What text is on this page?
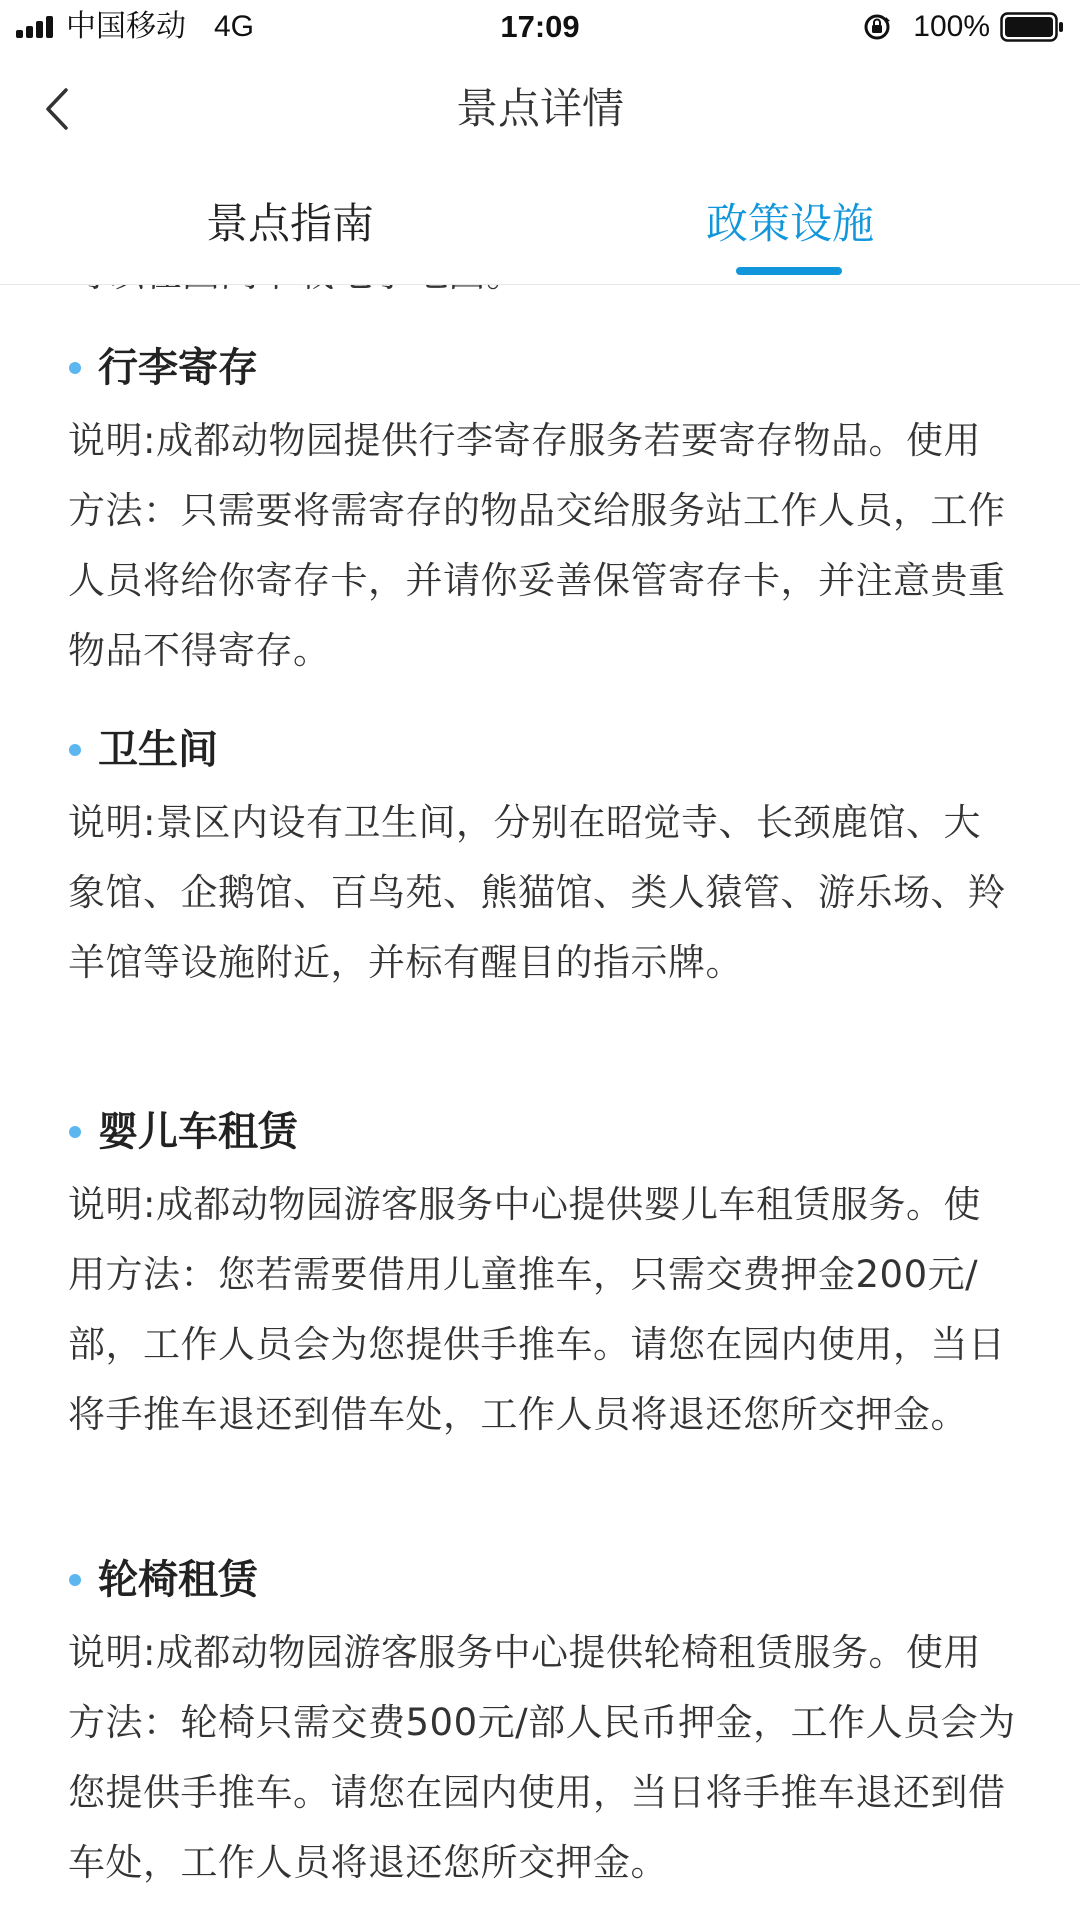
中国移动 4G	17:09	100%
景点详情
景点指南	政策设施
行李寄存
说明:成都动物园提供行李寄存服务若要寄存物品。使用方法：只需要将需寄存的物品交给服务站工作人员，工作人员将给你寄存卡，并请你妥善保管寄存卡，并注意贵重物品不得寄存。
卫生间
说明:景区内设有卫生间，分别在昭觉寺、长颈鹿馆、大象馆、企鹅馆、百鸟苑、熊猫馆、类人猿管、游乐场、羚羊馆等设施附近，并标有醒目的指示牌。
婴儿车租赁
说明:成都动物园游客服务中心提供婴儿车租赁服务。使用方法：您若需要借用儿童推车，只需交费押金200元/部，工作人员会为您提供手推车。请您在园内使用，当日将手推车退还到借车处，工作人员将退还您所交押金。
轮椅租赁
说明:成都动物园游客服务中心提供轮椅租赁服务。使用方法：轮椅只需交费500元/部人民币押金，工作人员会为您提供手推车。请您在园内使用，当日将手推车退还到借车处，工作人员将退还您所交押金。
